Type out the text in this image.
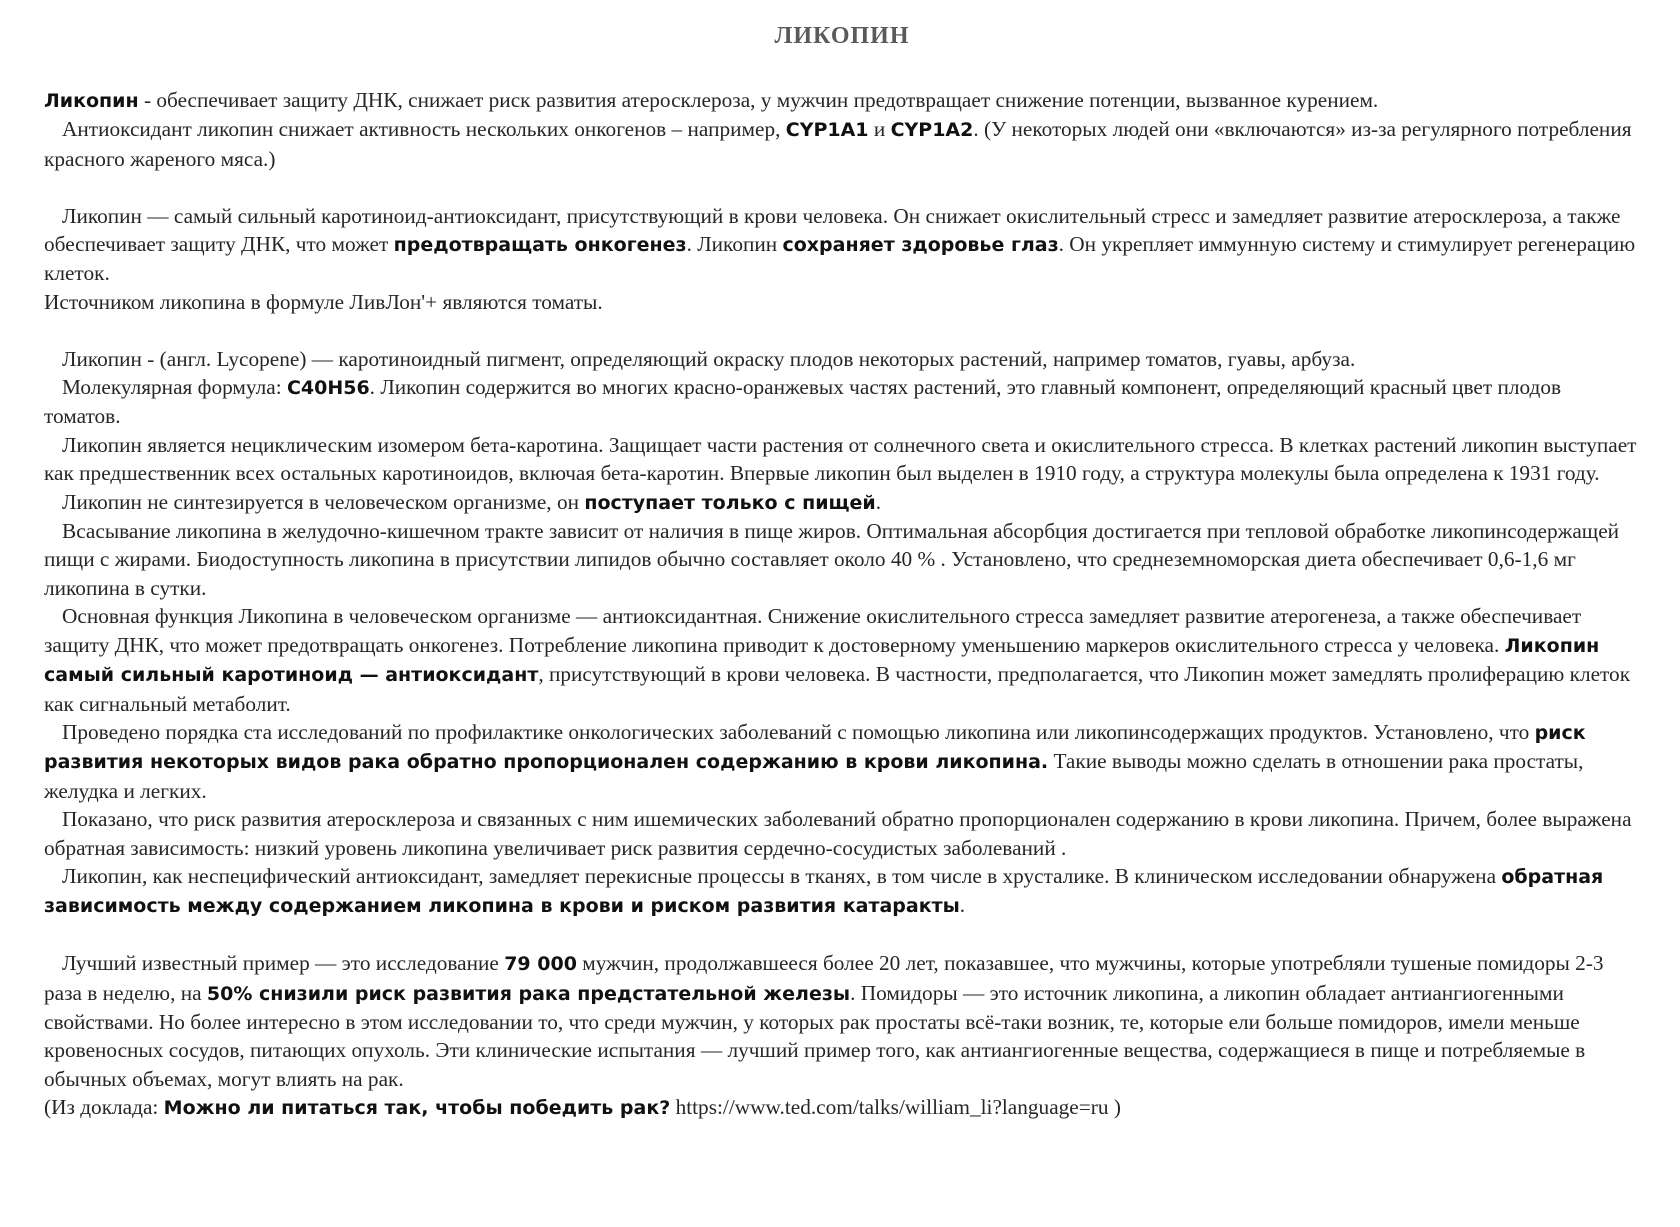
ЛИКОПИН

Ликопин - обеспечивает защиту ДНК, снижает риск развития атеросклероза, у мужчин предотвращает снижение потенции, вызванное курением.

Антиоксидант ликопин снижает активность нескольких онкогенов – например, CYP1A1 и CYP1A2. (У некоторых людей они «включаются» из-за регулярного потребления красного жареного мяса.)

Ликопин — самый сильный каротиноид-антиоксидант, присутствующий в крови человека. Он снижает окислительный стресс и замедляет развитие атеросклероза, а также обеспечивает защиту ДНК, что может предотвращать онкогенез. Ликопин сохраняет здоровье глаз. Он укрепляет иммунную систему и стимулирует регенерацию клеток.

Источником ликопина в формуле ЛивЛон'+ являются томаты.

Ликопин - (англ. Lycopene) — каротиноидный пигмент, определяющий окраску плодов некоторых растений, например томатов, гуавы, арбуза.

Молекулярная формула: C40H56. Ликопин содержится во многих красно-оранжевых частях растений, это главный компонент, определяющий красный цвет плодов томатов.

Ликопин является нециклическим изомером бета-каротина. Защищает части растения от солнечного света и окислительного стресса. В клетках растений ликопин выступает как предшественник всех остальных каротиноидов, включая бета-каротин. Впервые ликопин был выделен в 1910 году, а структура молекулы была определена к 1931 году.

Ликопин не синтезируется в человеческом организме, он поступает только с пищей.

Всасывание ликопина в желудочно-кишечном тракте зависит от наличия в пище жиров. Оптимальная абсорбция достигается при тепловой обработке ликопинсодержащей пищи с жирами. Биодоступность ликопина в присутствии липидов обычно составляет около 40 % . Установлено, что среднеземноморская диета обеспечивает 0,6-1,6 мг ликопина в сутки.

Основная функция Ликопина в человеческом организме — антиоксидантная. Снижение окислительного стресса замедляет развитие атерогенеза, а также обеспечивает защиту ДНК, что может предотвращать онкогенез. Потребление ликопина приводит к достоверному уменьшению маркеров окислительного стресса у человека. Ликопин самый сильный каротиноид — антиоксидант, присутствующий в крови человека. В частности, предполагается, что Ликопин может замедлять пролиферацию клеток как сигнальный метаболит.

Проведено порядка ста исследований по профилактике онкологических заболеваний с помощью ликопина или ликопинсодержащих продуктов. Установлено, что риск развития некоторых видов рака обратно пропорционален содержанию в крови ликопина. Такие выводы можно сделать в отношении рака простаты, желудка и легких.

Показано, что риск развития атеросклероза и связанных с ним ишемических заболеваний обратно пропорционален содержанию в крови ликопина. Причем, более выражена обратная зависимость: низкий уровень ликопина увеличивает риск развития сердечно-сосудистых заболеваний .

Ликопин, как неспецифический антиоксидант, замедляет перекисные процессы в тканях, в том числе в хрусталике. В клиническом исследовании обнаружена обратная зависимость между содержанием ликопина в крови и риском развития катаракты.

Лучший известный пример — это исследование 79 000 мужчин, продолжавшееся более 20 лет, показавшее, что мужчины, которые употребляли тушеные помидоры 2-3 раза в неделю, на 50% снизили риск развития рака предстательной железы. Помидоры — это источник ликопина, а ликопин обладает антиангиогенными свойствами. Но более интересно в этом исследовании то, что среди мужчин, у которых рак простаты всё-таки возник, те, которые ели больше помидоров, имели меньше кровеносных сосудов, питающих опухоль. Эти клинические испытания — лучший пример того, как антиангиогенные вещества, содержащиеся в пище и потребляемые в обычных объемах, могут влиять на рак.

(Из доклада: Можно ли питаться так, чтобы победить рак? https://www.ted.com/talks/william_li?language=ru )
